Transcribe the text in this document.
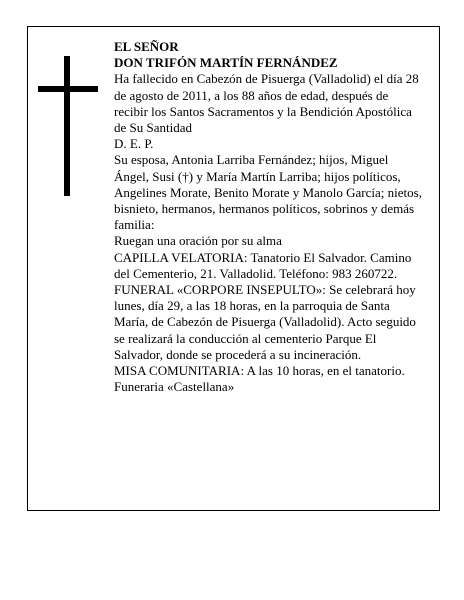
EL SEÑOR

DON TRIFÓN MARTÍN FERNÁNDEZ

Ha fallecido en Cabezón de Pisuerga (Valladolid) el día 28 de agosto de 2011, a los 88 años de edad, después de recibir los Santos Sacramentos y la Bendición Apostólica de Su Santidad

D. E. P.

Su esposa, Antonia Larriba Fernández; hijos, Miguel Ángel, Susi (†) y María Martín Larriba; hijos políticos, Angelines Morate, Benito Morate y Manolo García; nietos, bisnieto, hermanos, hermanos políticos, sobrinos y demás familia:

Ruegan una oración por su alma

CAPILLA VELATORIA: Tanatorio El Salvador. Camino del Cementerio, 21. Valladolid. Teléfono: 983 260722.

FUNERAL «CORPORE INSEPULTO»: Se celebrará hoy lunes, día 29, a las 18 horas, en la parroquia de Santa María, de Cabezón de Pisuerga (Valladolid). Acto seguido se realizará la conducción al cementerio Parque El Salvador, donde se procederá a su incineración.

MISA COMUNITARIA: A las 10 horas, en el tanatorio.

Funeraria «Castellana»
